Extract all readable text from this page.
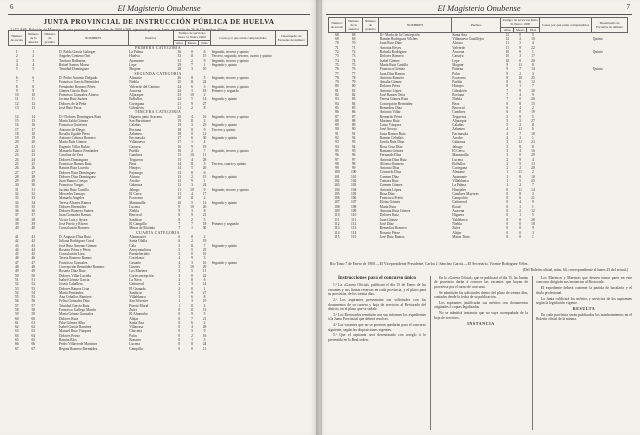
6	El Magisterio Onubense
JUNTA PROVINCIAL DE INSTRUCCIÓN PÚBLICA DE HUELVA
2.ª CLASE. Relación de Maestros de esta provincia, con el haber de 1000 á 500, ejecutado por esta Junta, en sesión de 26 de Diciembre último.
Número de escala	Número de la anterior	Número de gratuito	NOMBRES	Pueblos	Tiempo de servicios hasta 31 Enero 1900			Causa por que están comprendidos	Desempeño de Escuelas de número
					Años	Meses	Días		
PRIMERA CATEGORÍA									
1	1		D. Pablo García Galinger	La Palma	36	0	6	Segundo, tercero y quinto	
2	2		Ángeles Centeno Ortí	Huelva	33	11	15	Tercero, segundo, tercero, cuarto y quinto	
3	3		Teodoro Balbuena	Ayamonte	31	2	9	Segundo, tercero y quinto	
4	4		Rafael Santos Mosso	Lepe	29	7	1	Segundo y quinto	
5	5		Trinidad Domínguez	Moguer	28	3	10		
SEGUNDA CATEGORÍA									
6	6		D. Pedro Antonio Delgado	Almonte	26	8	5	Segundo, tercero y quinto	
7	7		Francisco García Bermúdez	Niebla	25	11	22		
8	8		Fernández Romero Pérez	Valverde del Camino	24	6	3	Segundo, tercero y quinto	
9	9		Gómez García Ruiz	Aracena	24	1	18	Primero y segundo	
10	10		Francisco Gonzalez Alonso	Aljaraque	23	10	2		
11	11		Jacinta Ruiz Suárez	Bollullos	22	5	14	Segundo y quinto	
12	12		Dolores de la Peña	Cortegana	21	9	27		
13	13		José Ruiz Parra	Gibraleón	21	2	8		
TERCERA CATEGORÍA									
14	14		D.ª Dolores Domínguez Ruiz	Higuera junto Aracena	20	4	16	Segundo, tercero y quinto	
15	15		María Zalda Gómez	San Bartolomé	19	11	2		
16	16		Francisca Gutiérrez	Calañas	19	3	25	Segundo y quinto	
17	17		Antonio de Diego	Rociana	18	8	9	Tercero y quinto	
18	18		Rosalía Ugalde Pérez	Zalamea	18	0	12		
19	19		Antonio Cabrera Romero	Encinasola	17	6	30	Segundo y quinto	
20	20		María Ruiz Gómez	Villanueva	17	1	4		
21	21		Eugenio Villar Rubio	Cartaya	16	9	19		
22	22		Manuela Ramos Fernández	Puebla	16	2	7	Segundo, tercero y quinto	
23	23		Carolina de Vera	Cumbres	15	10	11		
24	24		Dolores Domínguez	Trigueros	15	4	28		
25	25		Francisco Ramos Ruiz	Beas	14	11	3	Tercero, cuarto y quinto	
26	26		Ramón Ruiz Luceña	Hinojos	14	5	20		
27	27		Dolores Ruiz Domínguez	Paymogo	13	8	6		
28	28		Dolores Diaz Domínguez	Alosno	13	2	15	Segundo y quinto	
29	29		Juan Ramos Crespo	Aroche	12	9	1		
30	30		Francisco Vargas	Galaroza	12	3	24		
31	31		Jacinto Ruiz Castillo	Jabugo	11	10	9	Segundo, tercero y quinto	
32	32		Mercedes Tamayo	El Cerro	11	4	17		
33	33		Manuela Ángeles	Escacena	10	11	2		
34	34		Teresa Alvarez Ramos	Manzanilla	10	5	13	Segundo y quinto	
35	35		Dolores Bermúdez	Lucena	9	10	26		
36	36		Dolores Romero Suárez	Niebla	9	3	8		
37	37		Juan Gonzalez Ramos	Berrocal	8	9	21		
38	38		Victor Luis y Ayora	Sanlúcar	8	2	5		
39	39		José Prieto y Rivero	El Campillo	7	7	18	Primero y segundo	
40	40		Consolación Romero	Minas de Riotinto	7	1	30		
CUARTA CATEGORÍA									
41	41		D. Augusto Díaz Ruiz	Almonaster	6	8	2		
42	42		Juliana Rodríguez Coral	Santa Olalla	6	2	19		
43	43		José Ruiz Antonio Gómez	Cala	5	11	7	Segundo y quinto	
44	44		Rosario Pérez y Pérez	Arroyomolinos	5	5	25		
45	45		Consolación Lara	Fuenteheridos	5	0	10		
46	46		Teresa Romero Ramos	Cortelazor	4	9	3		
47	47		Francisco Gonzalez	Castaño	4	3	16	Segundo y quinto	
48	48		Concepción Bermúdez Romero	Linares	3	10	29		
49	49		Rosario Díaz Ruiz	Los Marines	3	5	11		
50	50		Dolores Villar Luceña	Corteconcepción	3	0	22		
51	51		Isabel Gómez García	La Nava	2	8	6		
52	52		Josefa Caballero	Cañaveral	2	3	14		
53	53		Dolores Ramos Cruz	El Granado	2	0	1		
54	54		María Fernández	Sanlúcar	1	9	27		
55	55		Ana Ceballos Ramírez	Villablanca	1	6	8		
56	56		Felisa Gonzalez Díaz	San Silvestre	1	3	19		
57	57		Trinidad García Ruiz	Puerto Moral	1	0	4		
58	58		Francisco Gallego Martín	Zufre	0	11	13		
59	59		Maria Gómez Gonzalez	El Almendro	0	9	5		
60	60		Dolores Ruiz	Alájar	0	7	21		
61	61		Pilar Gómez Alba	Santa Ana	0	6	2		
62	62		Isabel García Ramírez	Villarrasa	0	4	28		
63	63		Manuel Ruiz Vázquez	Chucena	0	3	9		
64	64		Dolores Prieto	Palos	0	2	16		
65	65		Ramón Ríos	Bonares	0	1	3		
66	66		Pedro Villaverde Martinez	Lucena	0	0	24		
67	67		Regina Romero Bermúdez	Campillo	0	0	11		
El Magisterio Onubense	7
Número de escala	Número de la anterior	Número de gratuito	NOMBRES	Pueblos	Tiempo de servicios hasta 31 Enero 1900			Causa por que están comprendidos	Desempeño de Escuelas de número
					Años	Meses	Días		
68	68		D.ª María de la Concepción	Santa Ana	12	0	5		
69	69		Ramón Rodríguez Vilches	Villanueva Castillejos	12	2	10		Quinto
70	70		Juan Ruiz Díaz	Alosno	11	3	4		
71	71		Antonia Reyes	Valverde	11	9	22		
72	72		Rafaela Rodríguez	Aracena	10	8	1		Quinto
73	73		Dolores Romero	Cartaya	10	3	17		
74	74		Isabel Gómez	Lepe	10	0	20		
75	75		María Ruiz Castillo	Moguer	9	11	8		
76	76		Francisca Gómez	Paterna	9	7	14		Quinto
77	77		Juan Díaz Ramos	Palos	9	2	3		
78	78		Antonio Romero	Escacena	8	10	25		
79	79		Amalia Gómez	Puebla	8	6	12		
80	80		Dolores Pérez	Hinojos	8	1	7		
81	81		Antonio López	Gibraleón	7	9	30		
82	82		José Ramos Ortiz	Rociana	7	4	9		
83	83		Teresa Gómez Ruiz	Niebla	7	0	26		
84	84		Concepción Bermúdez	Beas	6	8	15		
85	85		Remedios Díaz	Berrocal	6	4	2		
86	86		Antonio Villar	Cumbres	6	0	19		
87	87		Bernardo Pérez	Trigueros	5	9	5		
88	88		Mariano Ruiz	Aljaraque	5	5	27		
89	89		Luisa Vázquez	Calañas	5	2	11		
90	90		José Arroyo	Zalamea	4	11	6		
91	91		Justa Ramos Ruiz	Encinasola	4	7	18		
92	92		Ramón Ceballos	Aroche	4	3	1		
93	93		Josefa Ruiz Díaz	Galaroza	3	11	23		
94	94		Rosa Cruz Díaz	Jabugo	3	8	8		
95	95		Ramona Gómez	El Cerro	3	4	16		
96	96		Fernando Díaz	Manzanilla	3	0	29		
97	97		Antonia Díaz Ruiz	Lucena	2	9	4		
98	98		Alfonso Romero	Bollullos	2	5	13		
99	99		Antonio Díaz	Cortegana	2	2	20		
100	100		Consuelo Díaz	Almonte	1	11	2		
101	101		Carmen Díaz	Ayamonte	1	8	10		
102	102		Tomasa Ruiz	Villablanca	1	5	25		
103	103		Carmen Gómez	La Palma	1	2	7		
104	104		Antonia López	Hinojales	0	11	14		
105	105		Rosa Díaz	Cumbres Mayores	0	8	3		
106	106		Francisca Prieto	Campofrío	0	6	21		
107	107		Eloísa Gómez	Cañaveral	0	4	9		
108	108		María Ruiz	Rosal	0	3	1		
109	109		Antonia Ruiz Gómez	Aracena	0	2	12		
110	110		Dolores Ruiz	Higuera	0	1	5		
111	111		Juan Gómez	Valdelarco	0	0	28		
112	112		José Díaz	Niebla	0	0	18		
113	113		Remedios Romero	Zufre	0	0	9		
114	114		Rosario Pérez	Alájar	0	0	3		
115	115		José Ruiz Ramos	Minas Tinto	0	0	1		
Rio Tinto 7 de Enero de 1900.—El Vicepresidente Presidente, Carlos J. Sánchez García.—El Secretario, Vicente Rodriguez Vélez.
(Del Boletín oficial, núm. 64, correspondiente al lunes 25 del actual.)
Instrucciones para el concurso único

1.ª La «Gaceta Oficial» publicará el día 15 de Enero de las vacantes y sus Juntas reservas en cada provincia, y el plazo para su provisión, de los treinta días.

2.ª Los aspirantes presentarán sus solicitudes con los documentos de su carrera y hoja de servicios al Rectorado del distrito, en el plazo que se señale.

3.ª Los Rectorados remitirán con sus informes los expedientes á la Junta Provincial que deberá resolver.

4.ª Las vacantes que no se provean quedarán para el concurso siguiente, según las disposiciones vigentes.

5.ª Que el aspirante será desestimado con arreglo á lo prevenido en la Real orden.

En la «Gaceta Oficial» que se publicará el día 15, las Juntas de provincia darán á conocer las vacantes que hayan de proveerse por el turno de concurso.

Se admitirán las solicitudes dentro del plazo de treinta días, contados desde la fecha de su publicación.

Los aspirantes justificarán sus méritos con documentos originales ó copias legalizadas.

No se admitirá instancia que no vaya acompañada de la hoja de servicios.

INSTANCIA

Los Maestros y Maestras que deseen tomar parte en este concurso dirigirán sus instancias al Rectorado.

El expediente deberá contener la partida de bacalario y el título profesional.

La Junta calificará los méritos y servicios de los aspirantes según la legislación vigente.

RESULTA

En cada provincia serán publicados los nombramientos en el Boletín oficial de la misma.
